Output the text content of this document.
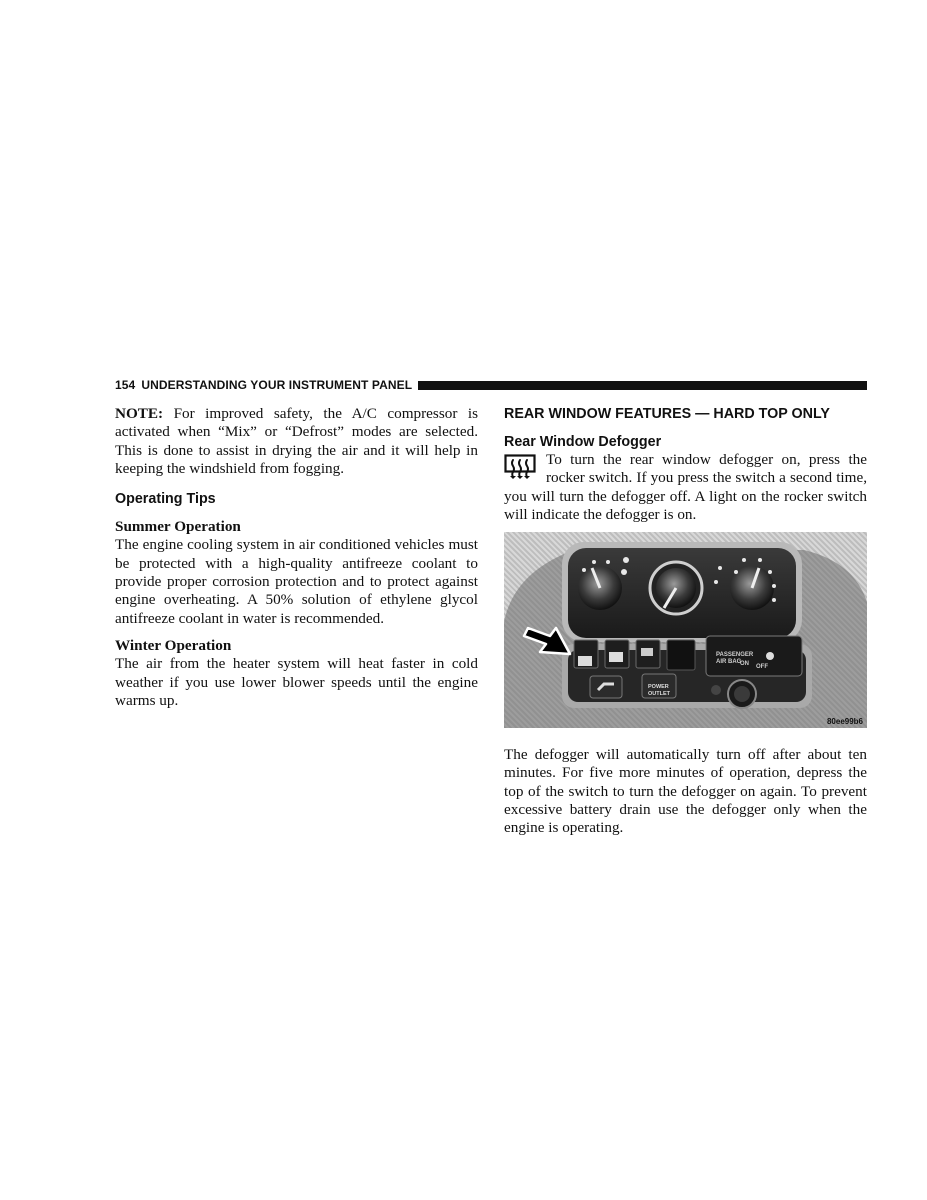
154 UNDERSTANDING YOUR INSTRUMENT PANEL

NOTE: For improved safety, the A/C compressor is activated when “Mix” or “Defrost” modes are selected. This is done to assist in drying the air and it will help in keeping the windshield from fogging.

Operating Tips
Summer Operation

The engine cooling system in air conditioned vehicles must be protected with a high-quality antifreeze coolant to provide proper corrosion protection and to protect against engine overheating. A 50% solution of ethylene glycol antifreeze coolant in water is recommended.

Winter Operation

The air from the heater system will heat faster in cold weather if you use lower blower speeds until the engine warms up.

REAR WINDOW FEATURES — HARD TOP ONLY
Rear Window Defogger

To turn the rear window defogger on, press the rocker switch. If you press the switch a second time, you will turn the defogger off. A light on the rocker switch will indicate the defogger is on.

PASSENGER
AIR BAG
ON OFF
POWER
OUTLET
80ee99b6

The defogger will automatically turn off after about ten minutes. For five more minutes of operation, depress the top of the switch to turn the defogger on again. To prevent excessive battery drain use the defogger only when the engine is operating.
